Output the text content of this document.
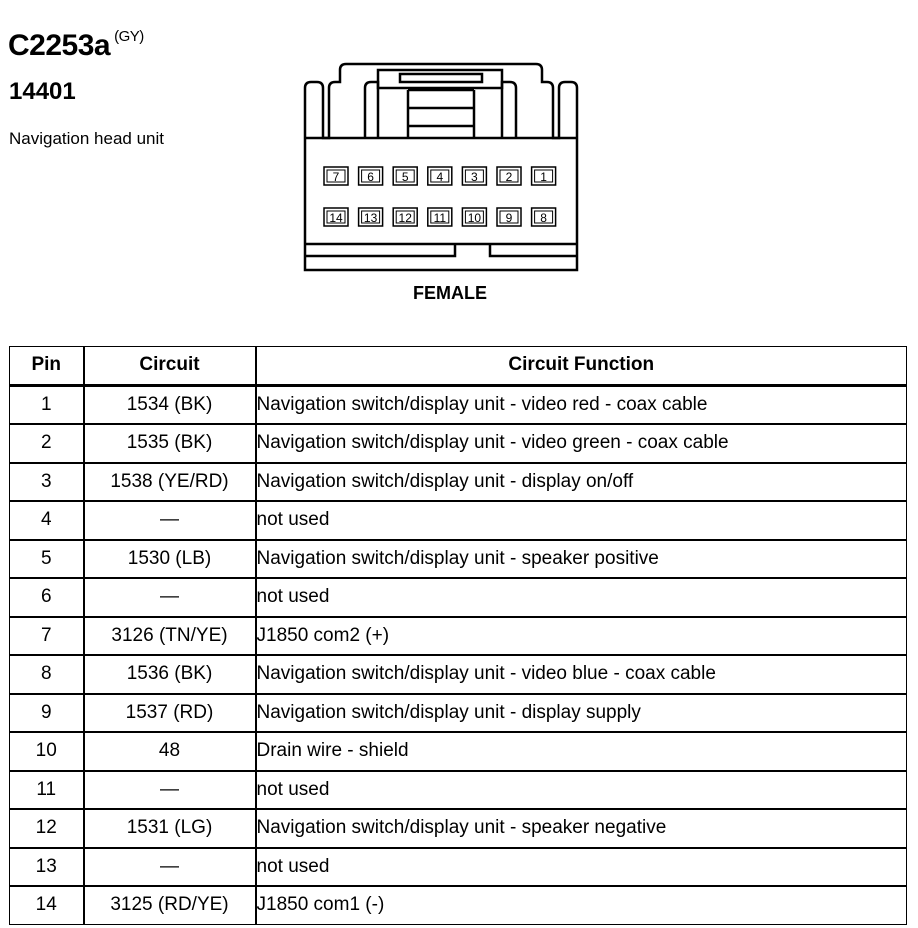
C2253a $^{(GY)}$
14401
Navigation head unit
7 6 5 4 3 2 1
14 13 12 11 10 9 8
FEMALE
Pin	Circuit	Circuit Function
1	1534 (BK)	Navigation switch/display unit - video red - coax cable
2	1535 (BK)	Navigation switch/display unit - video green - coax cable
3	1538 (YE/RD)	Navigation switch/display unit - display on/off
4	—	not used
5	1530 (LB)	Navigation switch/display unit - speaker positive
6	—	not used
7	3126 (TN/YE)	J1850 com2 (+)
8	1536 (BK)	Navigation switch/display unit - video blue - coax cable
9	1537 (RD)	Navigation switch/display unit - display supply
10	48	Drain wire - shield
11	—	not used
12	1531 (LG)	Navigation switch/display unit - speaker negative
13	—	not used
14	3125 (RD/YE)	J1850 com1 (-)
